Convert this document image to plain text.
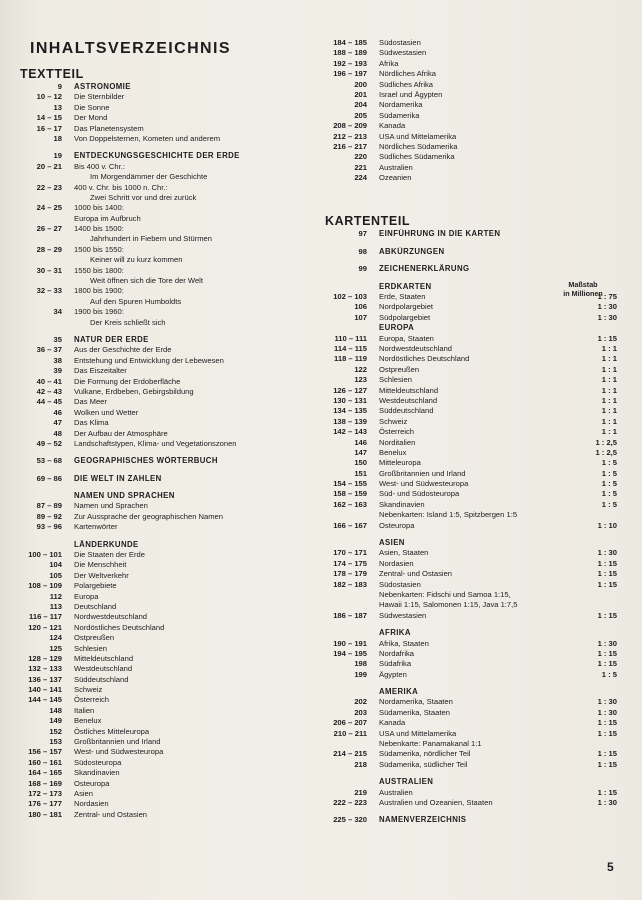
INHALTSVERZEICHNIS
TEXTTEIL
9 ASTRONOMIE
10 – 12 Die Sternbilder
13 Die Sonne
14 – 15 Der Mond
16 – 17 Das Planetensystem
18 Von Doppelsternen, Kometen und anderem
19 ENTDECKUNGSGESCHICHTE DER ERDE
20 – 21 Bis 400 v. Chr.:
Im Morgendämmer der Geschichte
22 – 23 400 v. Chr. bis 1000 n. Chr.:
Zwei Schritt vor und drei zurück
24 – 25 1000 bis 1400:
Europa im Aufbruch
26 – 27 1400 bis 1500:
Jahrhundert in Fiebern und Stürmen
28 – 29 1500 bis 1550:
Keiner will zu kurz kommen
30 – 31 1550 bis 1800:
Weit öffnen sich die Tore der Welt
32 – 33 1800 bis 1900:
Auf den Spuren Humboldts
34 1900 bis 1960:
Der Kreis schließt sich
35 NATUR DER ERDE
36 – 37 Aus der Geschichte der Erde
38 Entstehung und Entwicklung der Lebewesen
39 Das Eiszeitalter
40 – 41 Die Formung der Erdoberfläche
42 – 43 Vulkane, Erdbeben, Gebirgsbildung
44 – 45 Das Meer
46 Wolken und Wetter
47 Das Klima
48 Der Aufbau der Atmosphäre
49 – 52 Landschaftstypen, Klima- und Vegetationszonen
53 – 68 GEOGRAPHISCHES WÖRTERBUCH
69 – 86 DIE WELT IN ZAHLEN
NAMEN UND SPRACHEN
87 – 89 Namen und Sprachen
89 – 92 Zur Aussprache der geographischen Namen
93 – 96 Kartenwörter
LÄNDERKUNDE
100 – 101 Die Staaten der Erde
104 Die Menschheit
105 Der Weltverkehr
108 – 109 Polargebiete
112 Europa
113 Deutschland
116 – 117 Nordwestdeutschland
120 – 121 Nordöstliches Deutschland
124 Ostpreußen
125 Schlesien
128 – 129 Mitteldeutschland
132 – 133 Westdeutschland
136 – 137 Süddeutschland
140 – 141 Schweiz
144 – 145 Österreich
148 Italien
149 Benelux
152 Östliches Mitteleuropa
153 Großbritannien und Irland
156 – 157 West- und Südwesteuropa
160 – 161 Südosteuropa
164 – 165 Skandinavien
168 – 169 Osteuropa
172 – 173 Asien
176 – 177 Nordasien
180 – 181 Zentral- und Ostasien
184 – 185 Südostasien
188 – 189 Südwestasien
192 – 193 Afrika
196 – 197 Nördliches Afrika
200 Südliches Afrika
201 Israel und Ägypten
204 Nordamerika
205 Südamerika
208 – 209 Kanada
212 – 213 USA und Mittelamerika
216 – 217 Nördliches Südamerika
220 Südliches Südamerika
221 Australien
224 Ozeanien
KARTENTEIL
97 EINFÜHRUNG IN DIE KARTEN
98 ABKÜRZUNGEN
99 ZEICHENERKLÄRUNG
ERDKARTEN
102 – 103 Erde, Staaten	1 : 75
106 Nordpolargebiet	1 : 30
107 Südpolargebiet	1 : 30
EUROPA
110 – 111 Europa, Staaten	1 : 15
114 – 115 Nordwestdeutschland	1 : 1
118 – 119 Nordöstliches Deutschland	1 : 1
122 Ostpreußen	1 : 1
123 Schlesien	1 : 1
126 – 127 Mitteldeutschland	1 : 1
130 – 131 Westdeutschland	1 : 1
134 – 135 Süddeutschland	1 : 1
138 – 139 Schweiz	1 : 1
142 – 143 Österreich	1 : 1
146 Norditalien	1 : 2,5
147 Benelux	1 : 2,5
150 Mitteleuropa	1 : 5
151 Großbritannien und Irland	1 : 5
154 – 155 West- und Südwesteuropa	1 : 5
158 – 159 Süd- und Südosteuropa	1 : 5
162 – 163 Skandinavien	1 : 5
Nebenkarten: Island 1:5, Spitzbergen 1:5
166 – 167 Osteuropa	1 : 10
ASIEN
170 – 171 Asien, Staaten	1 : 30
174 – 175 Nordasien	1 : 15
178 – 179 Zentral- und Ostasien	1 : 15
182 – 183 Südostasien	1 : 15
Nebenkarten: Fidschi und Samoa 1:15,
Hawaii 1:15, Salomonen 1:15, Java 1:7,5
186 – 187 Südwestasien	1 : 15
AFRIKA
190 – 191 Afrika, Staaten	1 : 30
194 – 195 Nordafrika	1 : 15
198 Südafrika	1 : 15
199 Ägypten	1 : 5
AMERIKA
202 Nordamerika, Staaten	1 : 30
203 Südamerika, Staaten	1 : 30
206 – 207 Kanada	1 : 15
210 – 211 USA und Mittelamerika	1 : 15
Nebenkarte: Panamakanal 1:1
214 – 215 Südamerika, nördlicher Teil	1 : 15
218 Südamerika, südlicher Teil	1 : 15
AUSTRALIEN
219 Australien	1 : 15
222 – 223 Australien und Ozeanien, Staaten	1 : 30
225 – 320 NAMENVERZEICHNIS
Maßstab
in Millionen
5
